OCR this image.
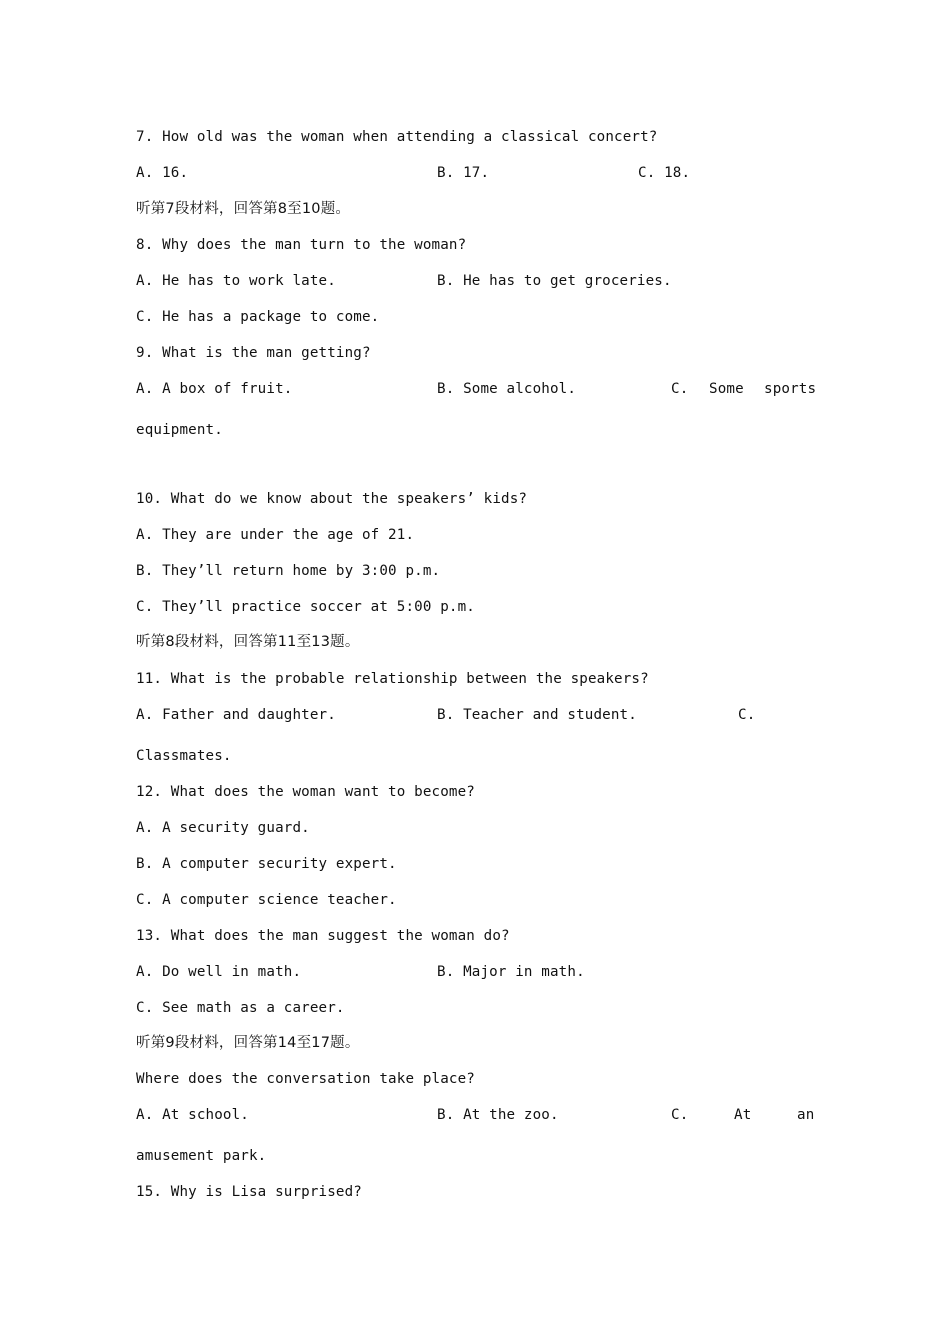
7. How old was the woman when attending a classical concert?
A. 16.	B. 17.	C. 18.
听第7段材料，回答第8至10题。
8. Why does the man turn to the woman?
A. He has to work late.	B. He has to get groceries.
C. He has a package to come.
9. What is the man getting?
A. A box of fruit.	B. Some alcohol.	C. Some sports
equipment.
10. What do we know about the speakers’ kids?
A. They are under the age of 21.
B. They’ll return home by 3:00 p.m.
C. They’ll practice soccer at 5:00 p.m.
听第8段材料，回答第11至13题。
11. What is the probable relationship between the speakers?
A. Father and daughter.	B. Teacher and student.	C.
Classmates.
12. What does the woman want to become?
A. A security guard.
B. A computer security expert.
C. A computer science teacher.
13. What does the man suggest the woman do?
A. Do well in math.	B. Major in math.
C. See math as a career.
听第9段材料，回答第14至17题。
Where does the conversation take place?
A. At school.	B. At the zoo.	C.	At	an
amusement park.
15. Why is Lisa surprised?
